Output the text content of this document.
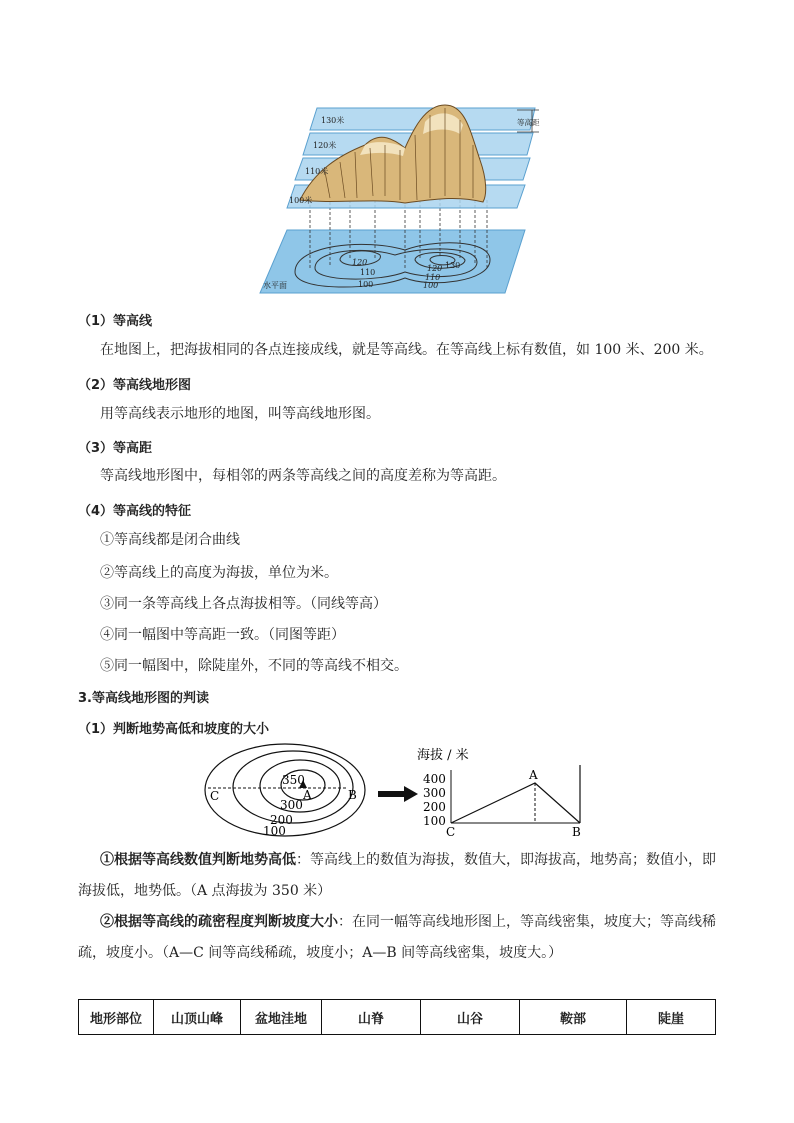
130米
120米
110米
100米
等高距
水平面
120
110
100
120
110
100
130
（1）等高线
在地图上，把海拔相同的各点连接成线，就是等高线。在等高线上标有数值，如 100 米、200 米。
（2）等高线地形图
用等高线表示地形的地图，叫等高线地形图。
（3）等高距
等高线地形图中，每相邻的两条等高线之间的高度差称为等高距。
（4）等高线的特征
①等高线都是闭合曲线
②等高线上的高度为海拔，单位为米。
③同一条等高线上各点海拔相等。（同线等高）
④同一幅图中等高距一致。（同图等距）
⑤同一幅图中，除陡崖外，不同的等高线不相交。
3.等高线地形图的判读
（1）判断地势高低和坡度的大小
350
300
200
100
A	B
C
海拔 / 米
400
300
200
100
A
C	B
①根据等高线数值判断地势高低：等高线上的数值为海拔，数值大，即海拔高，地势高；数值小，即
海拔低，地势低。（A 点海拔为 350 米）
②根据等高线的疏密程度判断坡度大小：在同一幅等高线地形图上，等高线密集，坡度大；等高线稀
疏，坡度小。（A—C 间等高线稀疏，坡度小；A—B 间等高线密集，坡度大。）
地形部位	山顶山峰	盆地洼地	山脊	山谷	鞍部	陡崖
